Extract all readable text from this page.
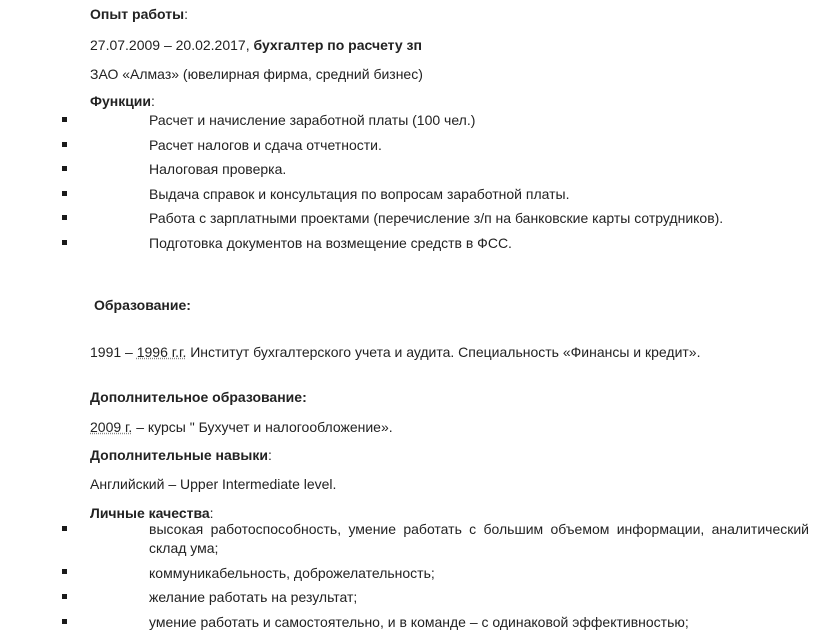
Опыт работы:
27.07.2009 – 20.02.2017, бухгалтер по расчету зп
ЗАО «Алмаз» (ювелирная фирма, средний бизнес)
Функции:
Расчет и начисление заработной платы (100 чел.)
Расчет налогов и сдача отчетности.
Налоговая проверка.
Выдача справок и консультация по вопросам заработной платы.
Работа с зарплатными проектами (перечисление з/п на банковские карты сотрудников).
Подготовка документов на возмещение средств в ФСС.
Образование:
1991 – 1996 г.г. Институт бухгалтерского учета и аудита. Специальность «Финансы и кредит».
Дополнительное образование:
2009 г. – курсы " Бухучет и налогообложение».
Дополнительные навыки:
Английский – Upper Intermediate level.
Личные качества:
высокая работоспособность, умение работать с большим объемом информации, аналитический склад ума;
коммуникабельность, доброжелательность;
желание работать на результат;
умение работать и самостоятельно, и в команде – с одинаковой эффективностью;
